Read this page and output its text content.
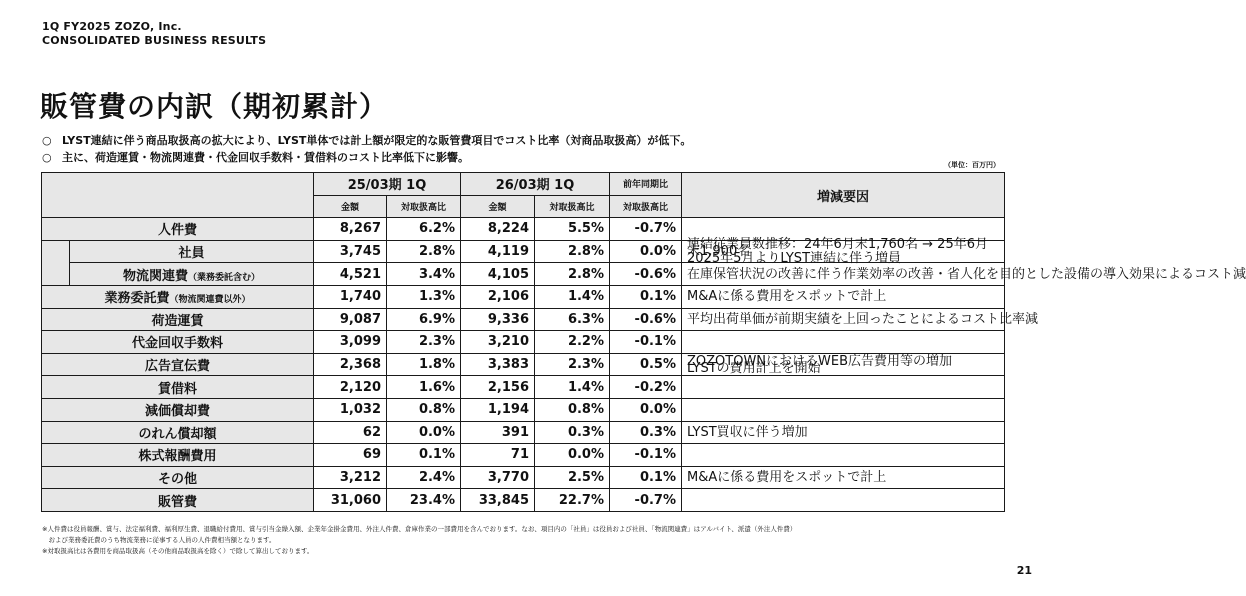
1Q FY2025 ZOZO, Inc.
CONSOLIDATED BUSINESS RESULTS
販管費の内訳（期初累計）
○ LYST連結に伴う商品取扱高の拡大により、LYST単体では計上額が限定的な販管費項目でコスト比率（対商品取扱高）が低下。
○ 主に、荷造運賃・物流関連費・代金回収手数料・賃借料のコスト比率低下に影響。
（単位：百万円）
		25/03期 1Q		26/03期 1Q		前年同期比	増減要因
		金額	対取扱高比	金額	対取扱高比	対取扱高比	
人件費		8,267	6.2%	8,224	5.5%	-0.7%	
	社員	3,745	2.8%	4,119	2.8%	0.0%	連結従業員数推移：24年6月末1,760名 → 25年6月末1,900名
2025年5月よりLYST連結に伴う増員
	物流関連費（業務委託含む）	4,521	3.4%	4,105	2.8%	-0.6%	在庫保管状況の改善に伴う作業効率の改善・省人化を目的とした設備の導入効果によるコスト減
業務委託費（物流関連費以外）		1,740	1.3%	2,106	1.4%	0.1%	M&Aに係る費用をスポットで計上
荷造運賃		9,087	6.9%	9,336	6.3%	-0.6%	平均出荷単価が前期実績を上回ったことによるコスト比率減
代金回収手数料		3,099	2.3%	3,210	2.2%	-0.1%	
広告宣伝費		2,368	1.8%	3,383	2.3%	0.5%	ZOZOTOWNにおけるWEB広告費用等の増加
LYSTの費用計上を開始
賃借料		2,120	1.6%	2,156	1.4%	-0.2%	
減価償却費		1,032	0.8%	1,194	0.8%	0.0%	
のれん償却額		62	0.0%	391	0.3%	0.3%	LYST買収に伴う増加
株式報酬費用		69	0.1%	71	0.0%	-0.1%	
その他		3,212	2.4%	3,770	2.5%	0.1%	M&Aに係る費用をスポットで計上
販管費		31,060	23.4%	33,845	22.7%	-0.7%	
※人件費は役員報酬、賞与、法定福利費、福利厚生費、退職給付費用、賞与引当金繰入額、企業年金掛金費用、外注人件費、倉庫作業の一部費用を含んでおります。なお、項目内の「社員」は役員および社員、「物流関連費」はアルバイト、派遣（外注人件費）
　および業務委託費のうち物流業務に従事する人員の人件費相当額となります。
※対取扱高比は各費用を商品取扱高（その他商品取扱高を除く）で除して算出しております。
21
